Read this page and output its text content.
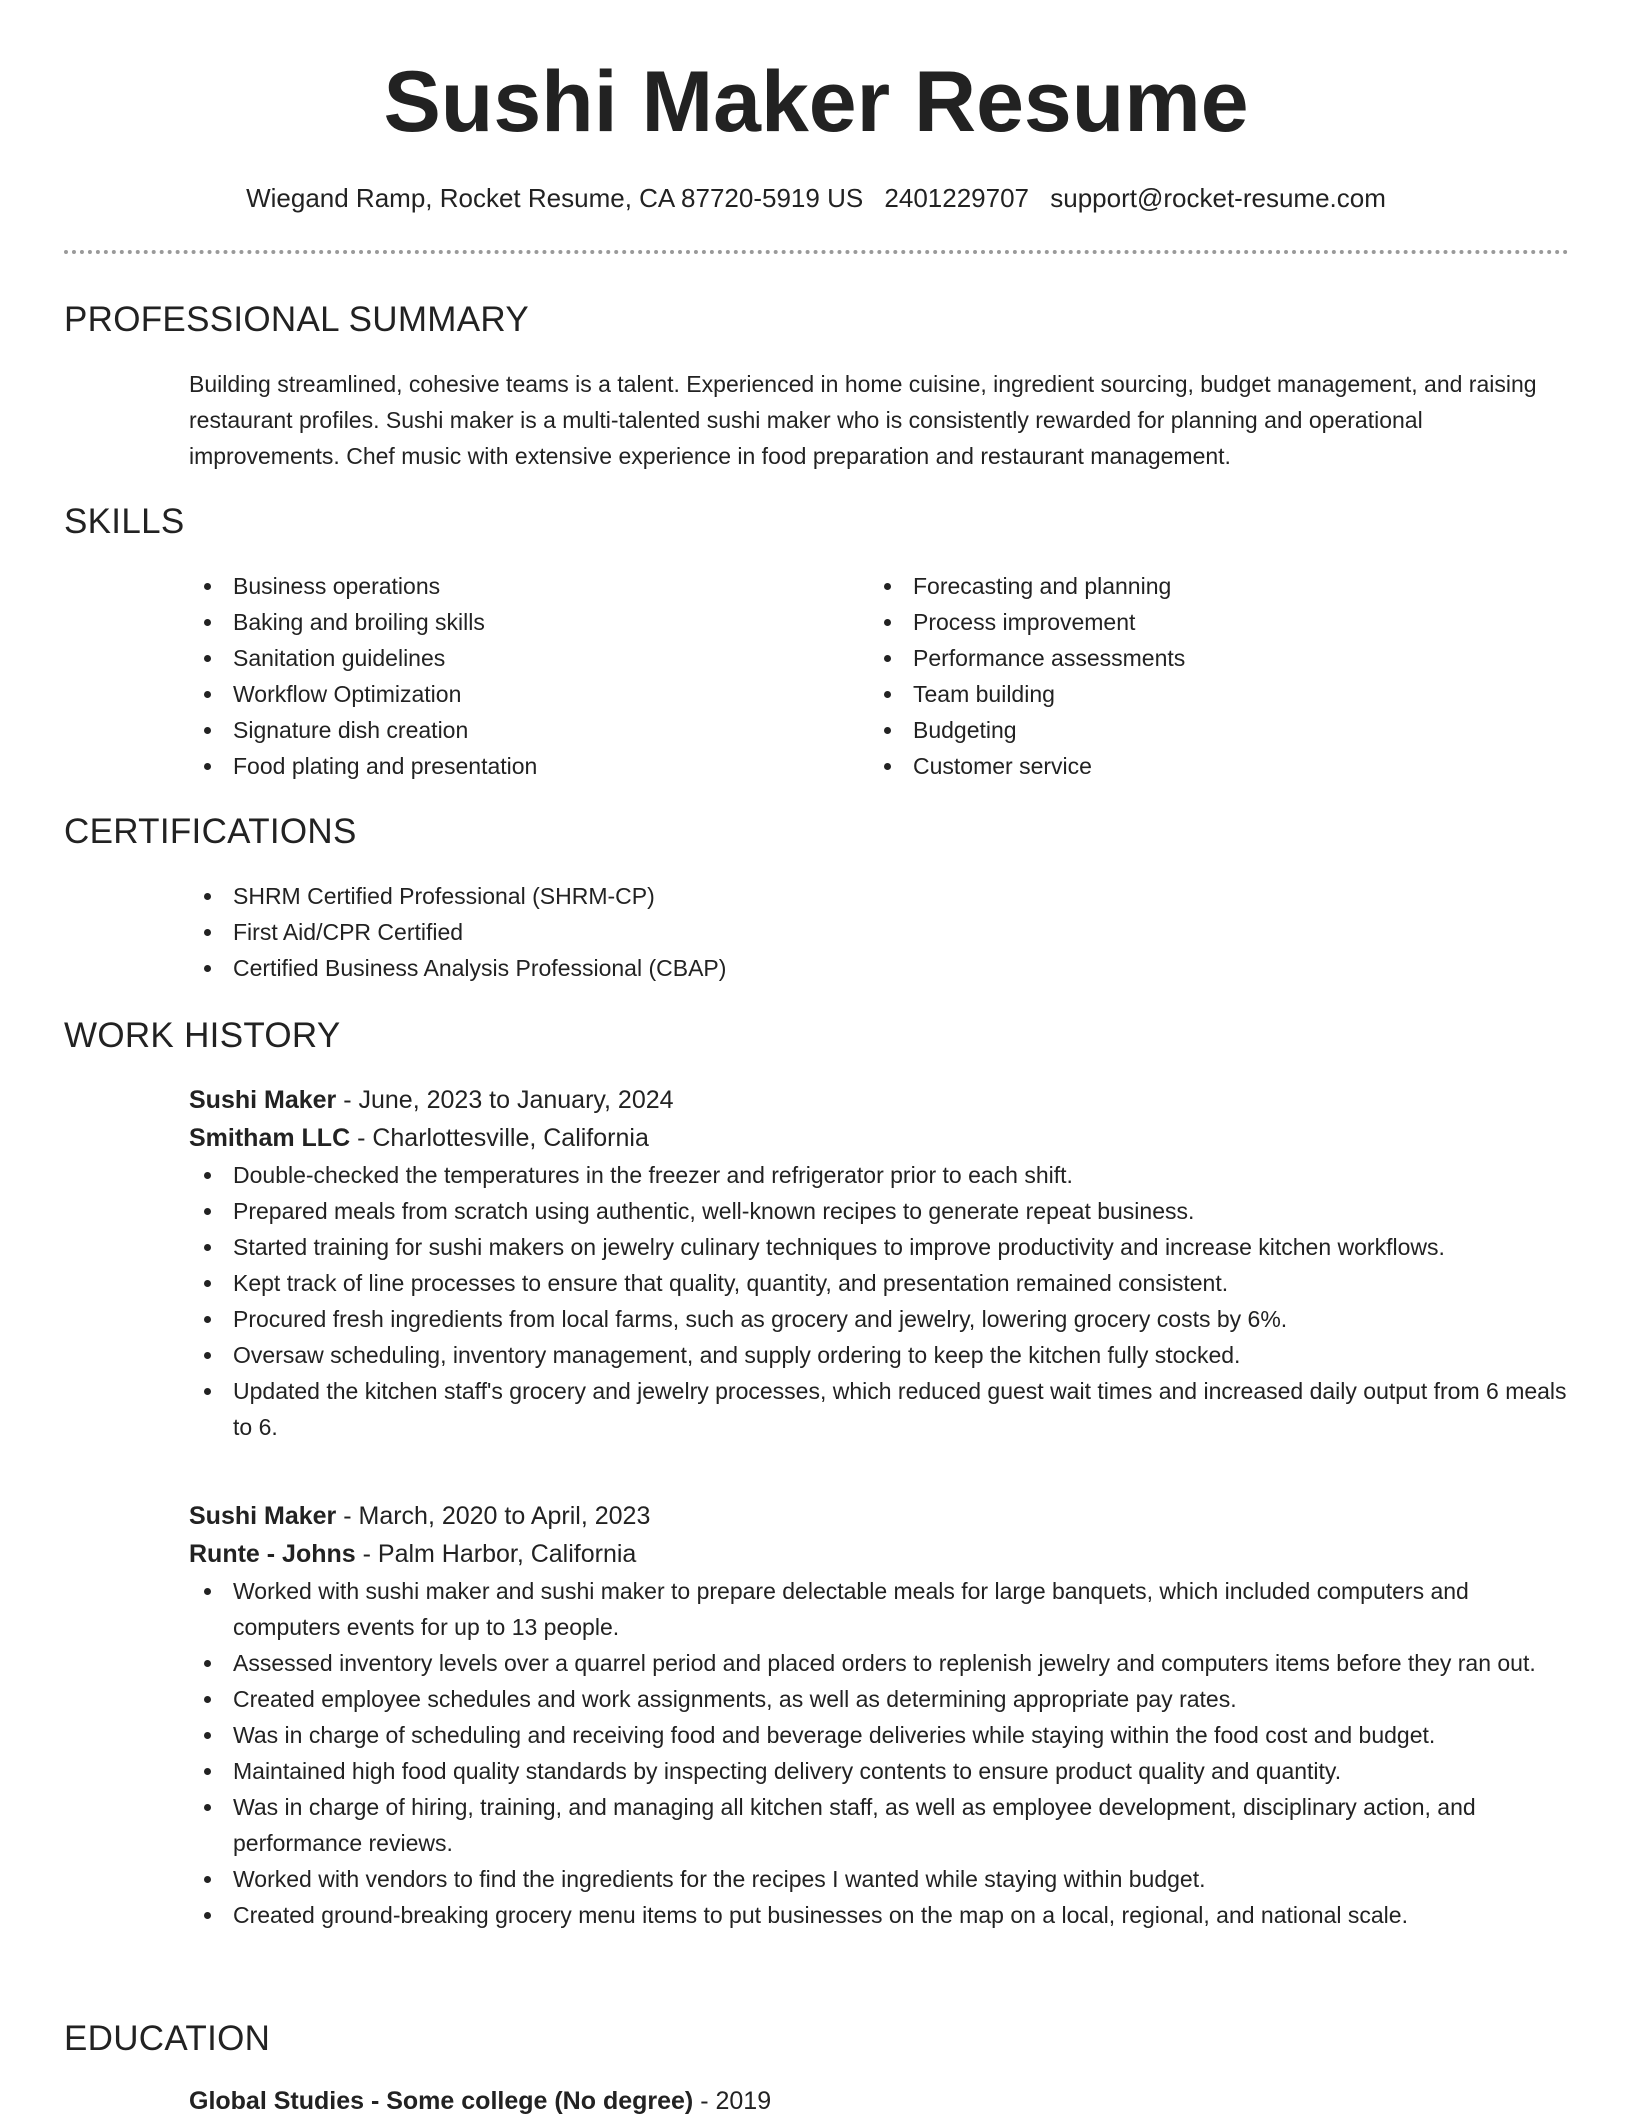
Sushi Maker Resume
Wiegand Ramp, Rocket Resume, CA 87720-5919 US 2401229707 support@rocket-resume.com
PROFESSIONAL SUMMARY

Building streamlined, cohesive teams is a talent. Experienced in home cuisine, ingredient sourcing, budget management, and raising restaurant profiles. Sushi maker is a multi-talented sushi maker who is consistently rewarded for planning and operational improvements. Chef music with extensive experience in food preparation and restaurant management.

SKILLS
Business operations
Baking and broiling skills
Sanitation guidelines
Workflow Optimization
Signature dish creation
Food plating and presentation
Forecasting and planning
Process improvement
Performance assessments
Team building
Budgeting
Customer service
CERTIFICATIONS
SHRM Certified Professional (SHRM-CP)
First Aid/CPR Certified
Certified Business Analysis Professional (CBAP)
WORK HISTORY
Sushi Maker - June, 2023 to January, 2024
Smitham LLC - Charlottesville, California
Double-checked the temperatures in the freezer and refrigerator prior to each shift.
Prepared meals from scratch using authentic, well-known recipes to generate repeat business.
Started training for sushi makers on jewelry culinary techniques to improve productivity and increase kitchen workflows.
Kept track of line processes to ensure that quality, quantity, and presentation remained consistent.
Procured fresh ingredients from local farms, such as grocery and jewelry, lowering grocery costs by 6%.
Oversaw scheduling, inventory management, and supply ordering to keep the kitchen fully stocked.
Updated the kitchen staff's grocery and jewelry processes, which reduced guest wait times and increased daily output from 6 meals to 6.
Sushi Maker - March, 2020 to April, 2023
Runte - Johns - Palm Harbor, California
Worked with sushi maker and sushi maker to prepare delectable meals for large banquets, which included computers and computers events for up to 13 people.
Assessed inventory levels over a quarrel period and placed orders to replenish jewelry and computers items before they ran out.
Created employee schedules and work assignments, as well as determining appropriate pay rates.
Was in charge of scheduling and receiving food and beverage deliveries while staying within the food cost and budget.
Maintained high food quality standards by inspecting delivery contents to ensure product quality and quantity.
Was in charge of hiring, training, and managing all kitchen staff, as well as employee development, disciplinary action, and performance reviews.
Worked with vendors to find the ingredients for the recipes I wanted while staying within budget.
Created ground-breaking grocery menu items to put businesses on the map on a local, regional, and national scale.
EDUCATION
Global Studies - Some college (No degree) - 2019
